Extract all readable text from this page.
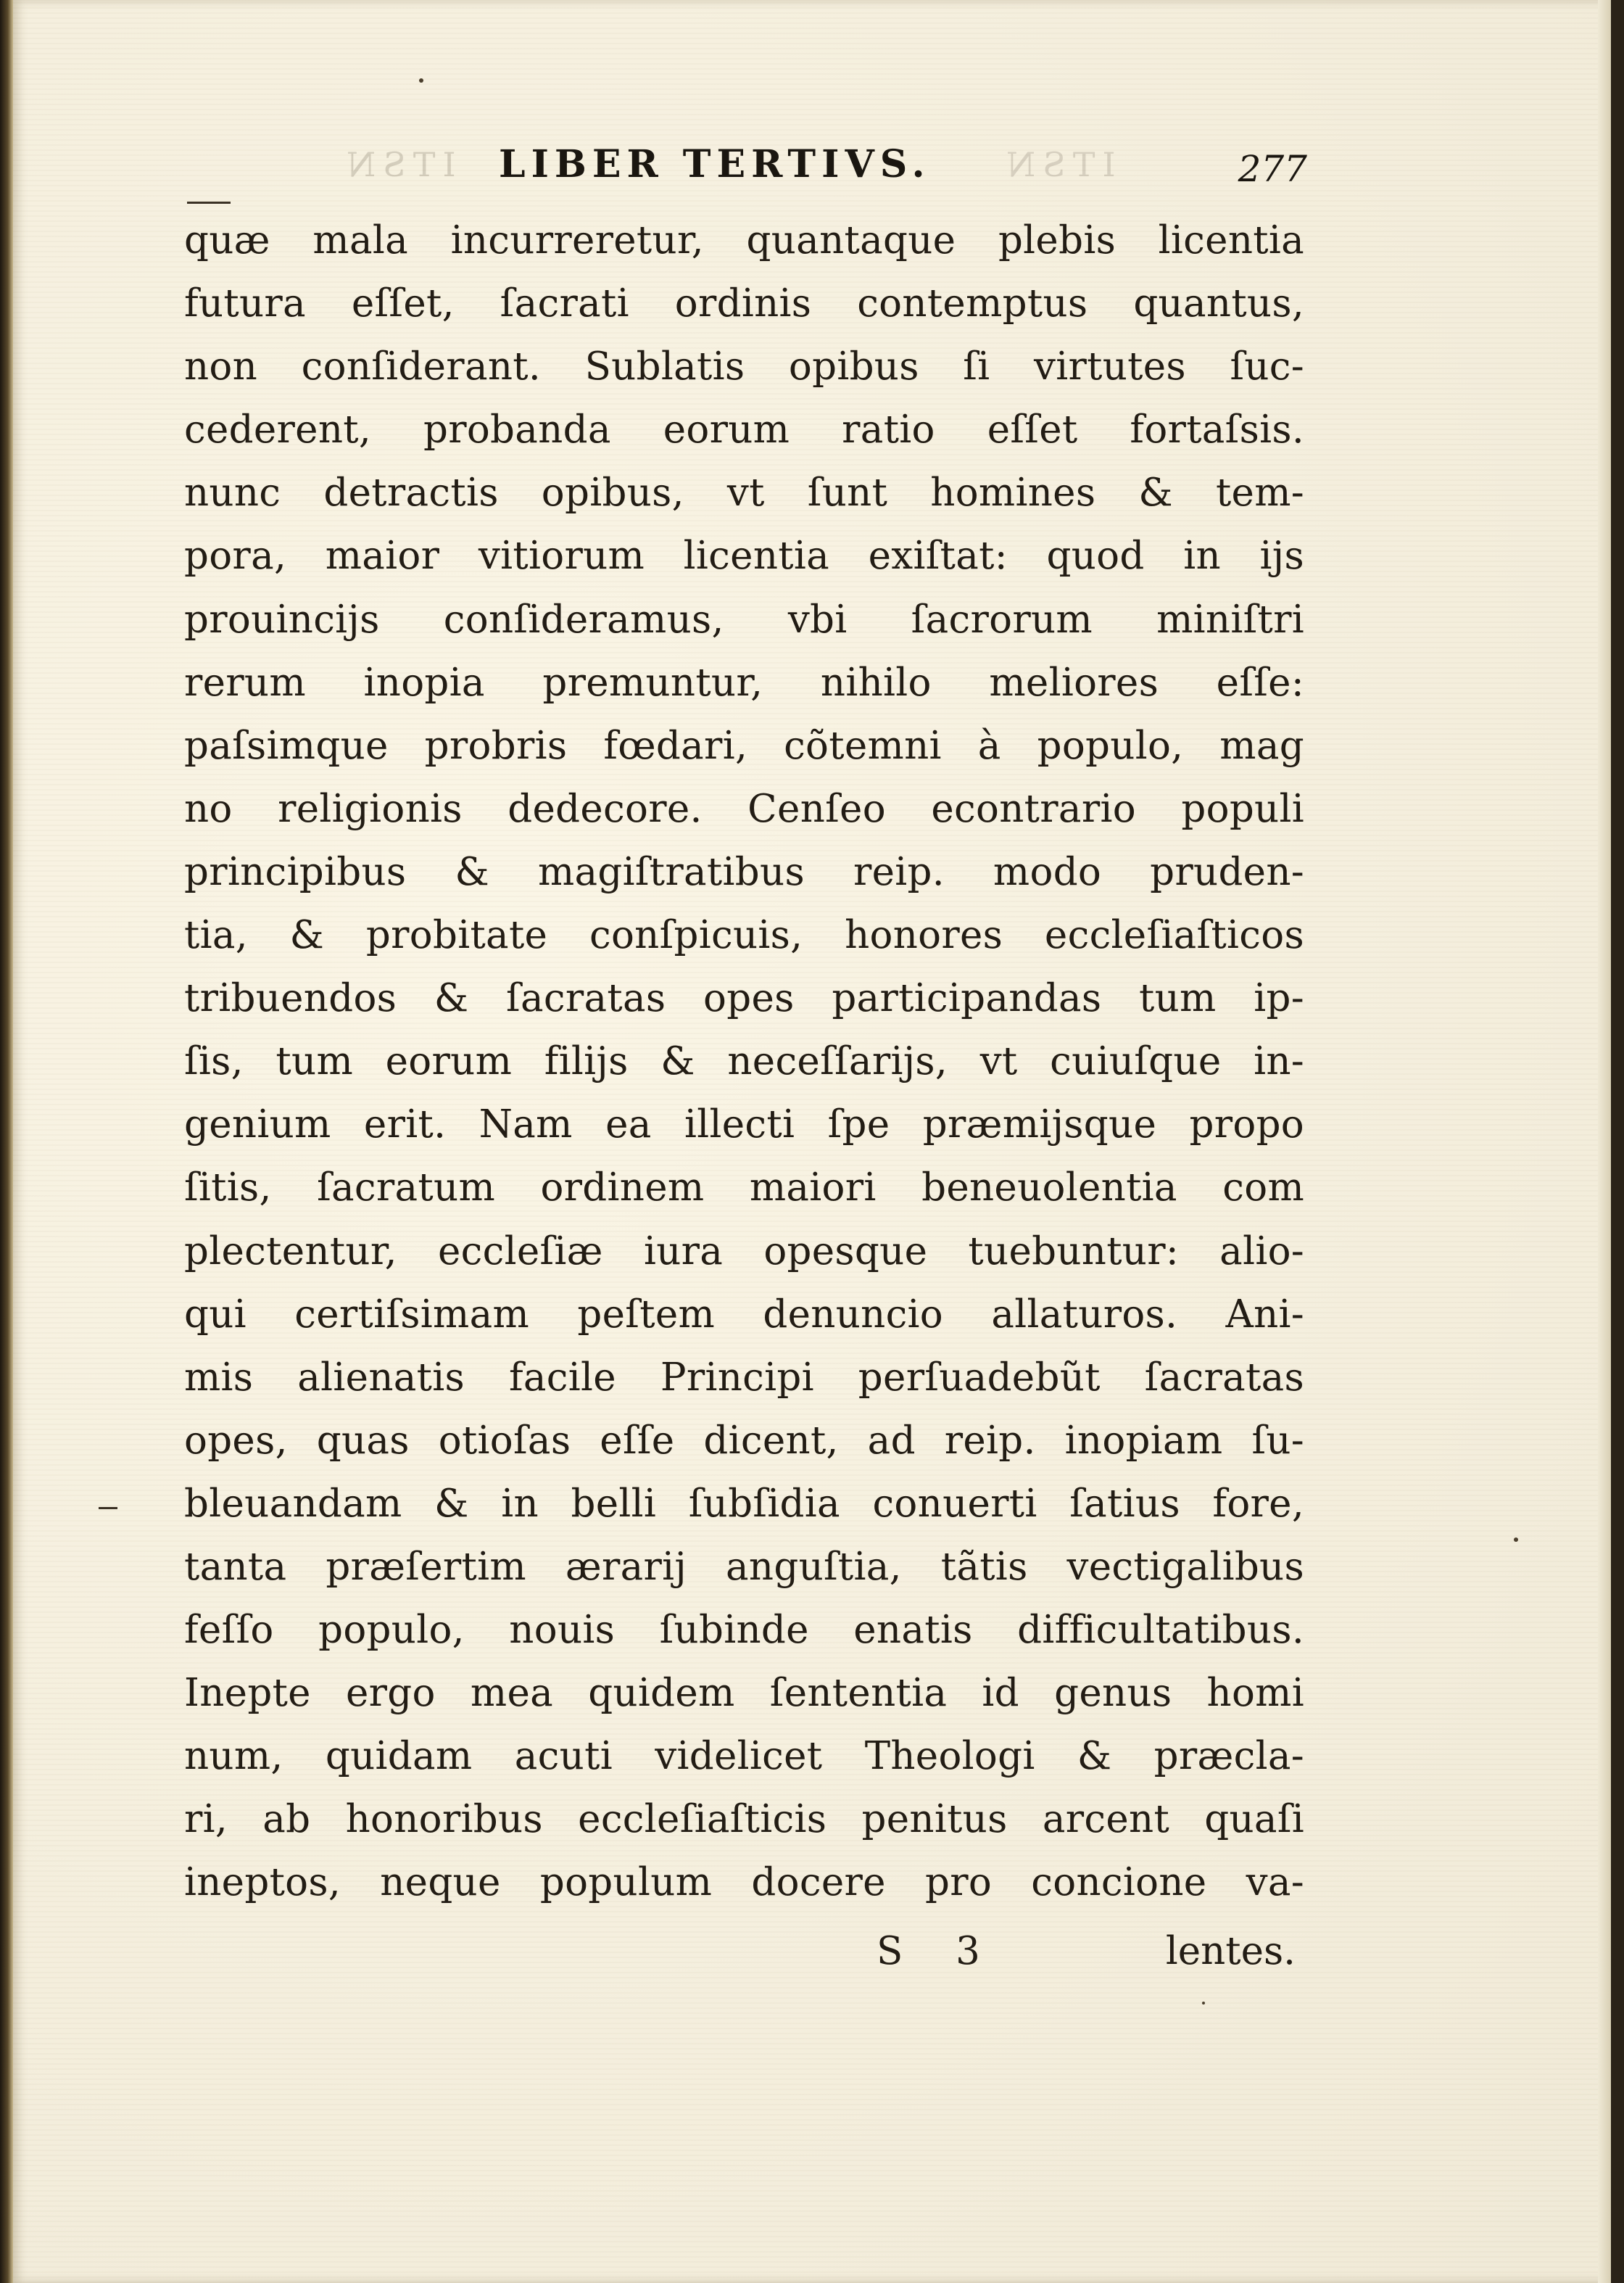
ITSN LIBER TERTIVS. ITSN	277
quæ mala incurreretur, quantaque plebis licentia
futura eſſet, ſacrati ordinis contemptus quantus,
non conſiderant. Sublatis opibus ſi virtutes ſuc-
cederent, probanda eorum ratio eſſet fortaſsis.
nunc detractis opibus, vt ſunt homines & tem-
pora, maior vitiorum licentia exiſtat: quod in ijs
prouincijs conſideramus, vbi ſacrorum miniſtri
rerum inopia premuntur, nihilo meliores eſſe:
paſsimque probris fœdari, cõtemni à populo, mag
no religionis dedecore. Cenſeo econtrario populi
principibus & magiſtratibus reip. modo pruden-
tia, & probitate conſpicuis, honores eccleſiaſticos
tribuendos & ſacratas opes participandas tum ip-
ſis, tum eorum filijs & neceſſarijs, vt cuiuſque in-
genium erit. Nam ea illecti ſpe præmijsque propo
ſitis, ſacratum ordinem maiori beneuolentia com
plectentur, eccleſiæ iura opesque tuebuntur: alio-
qui certiſsimam peſtem denuncio allaturos. Ani-
mis alienatis facile Principi perſuadebũt ſacratas
opes, quas otioſas eſſe dicent, ad reip. inopiam ſu-
bleuandam & in belli ſubſidia conuerti ſatius fore,
tanta præſertim ærarij anguſtia, tãtis vectigalibus
feſſo populo, nouis ſubinde enatis difficultatibus.
Inepte ergo mea quidem ſententia id genus homi
num, quidam acuti videlicet Theologi & præcla-
ri, ab honoribus eccleſiaſticis penitus arcent quaſi
ineptos, neque populum docere pro concione va-
S 3	lentes.
